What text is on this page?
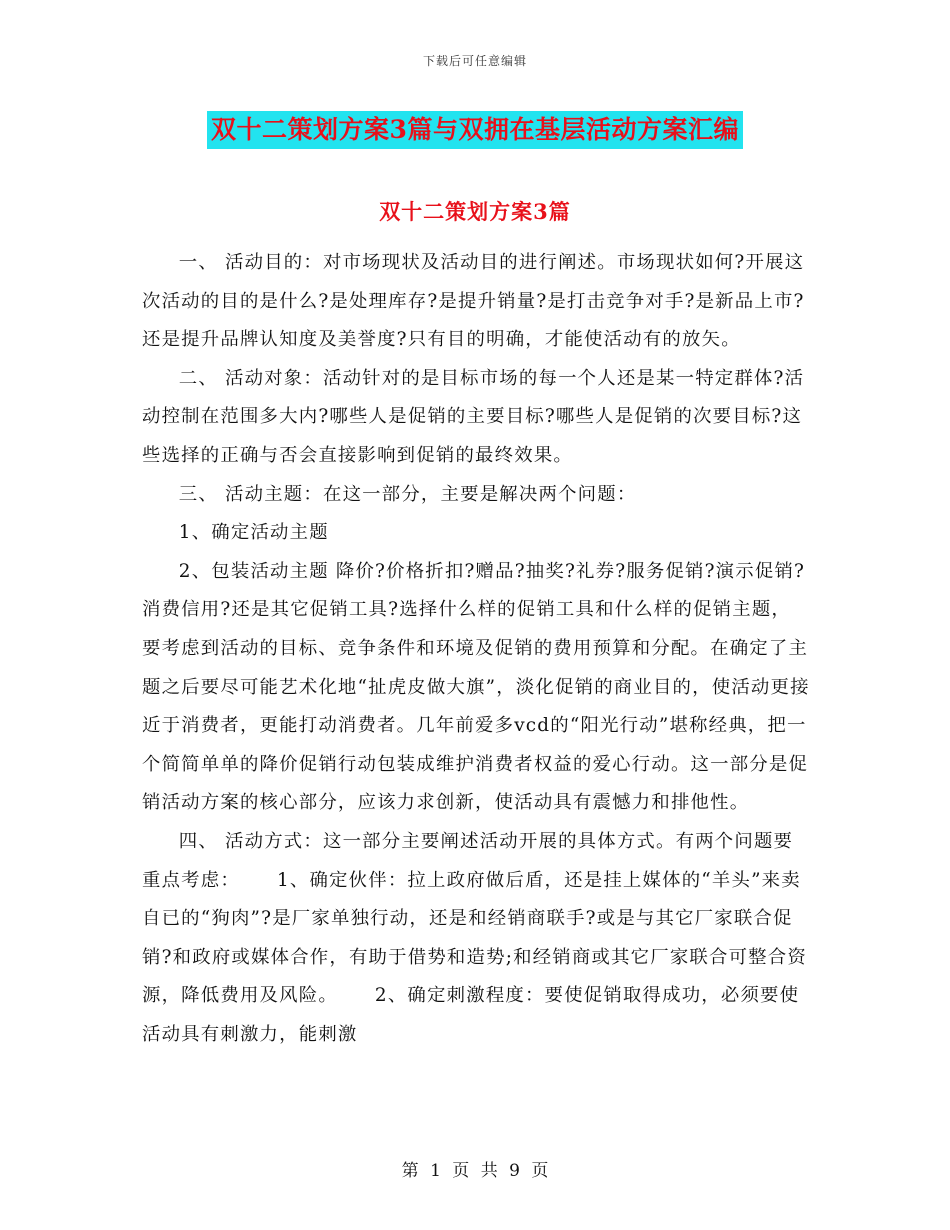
下载后可任意编辑
双十二策划方案3篇与双拥在基层活动方案汇编
双十二策划方案3篇

一、 活动目的：对市场现状及活动目的进行阐述。市场现状如何?开展这次活动的目的是什么?是处理库存?是提升销量?是打击竞争对手?是新品上市?还是提升品牌认知度及美誉度?只有目的明确，才能使活动有的放矢。

二、 活动对象：活动针对的是目标市场的每一个人还是某一特定群体?活动控制在范围多大内?哪些人是促销的主要目标?哪些人是促销的次要目标?这些选择的正确与否会直接影响到促销的最终效果。

三、 活动主题：在这一部分，主要是解决两个问题：

1、确定活动主题

2、包装活动主题 降价?价格折扣?赠品?抽奖?礼券?服务促销?演示促销?消费信用?还是其它促销工具?选择什么样的促销工具和什么样的促销主题，要考虑到活动的目标、竞争条件和环境及促销的费用预算和分配。在确定了主题之后要尽可能艺术化地“扯虎皮做大旗”，淡化促销的商业目的，使活动更接近于消费者，更能打动消费者。几年前爱多vcd的“阳光行动”堪称经典，把一个简简单单的降价促销行动包装成维护消费者权益的爱心行动。这一部分是促销活动方案的核心部分，应该力求创新，使活动具有震憾力和排他性。

四、 活动方式：这一部分主要阐述活动开展的具体方式。有两个问题要重点考虑：　　 1、确定伙伴：拉上政府做后盾，还是挂上媒体的“羊头”来卖自已的“狗肉”?是厂家单独行动，还是和经销商联手?或是与其它厂家联合促销?和政府或媒体合作，有助于借势和造势;和经销商或其它厂家联合可整合资源，降低费用及风险。　　 2、确定刺激程度：要使促销取得成功，必须要使活动具有刺激力，能刺激

第 1 页 共 9 页
